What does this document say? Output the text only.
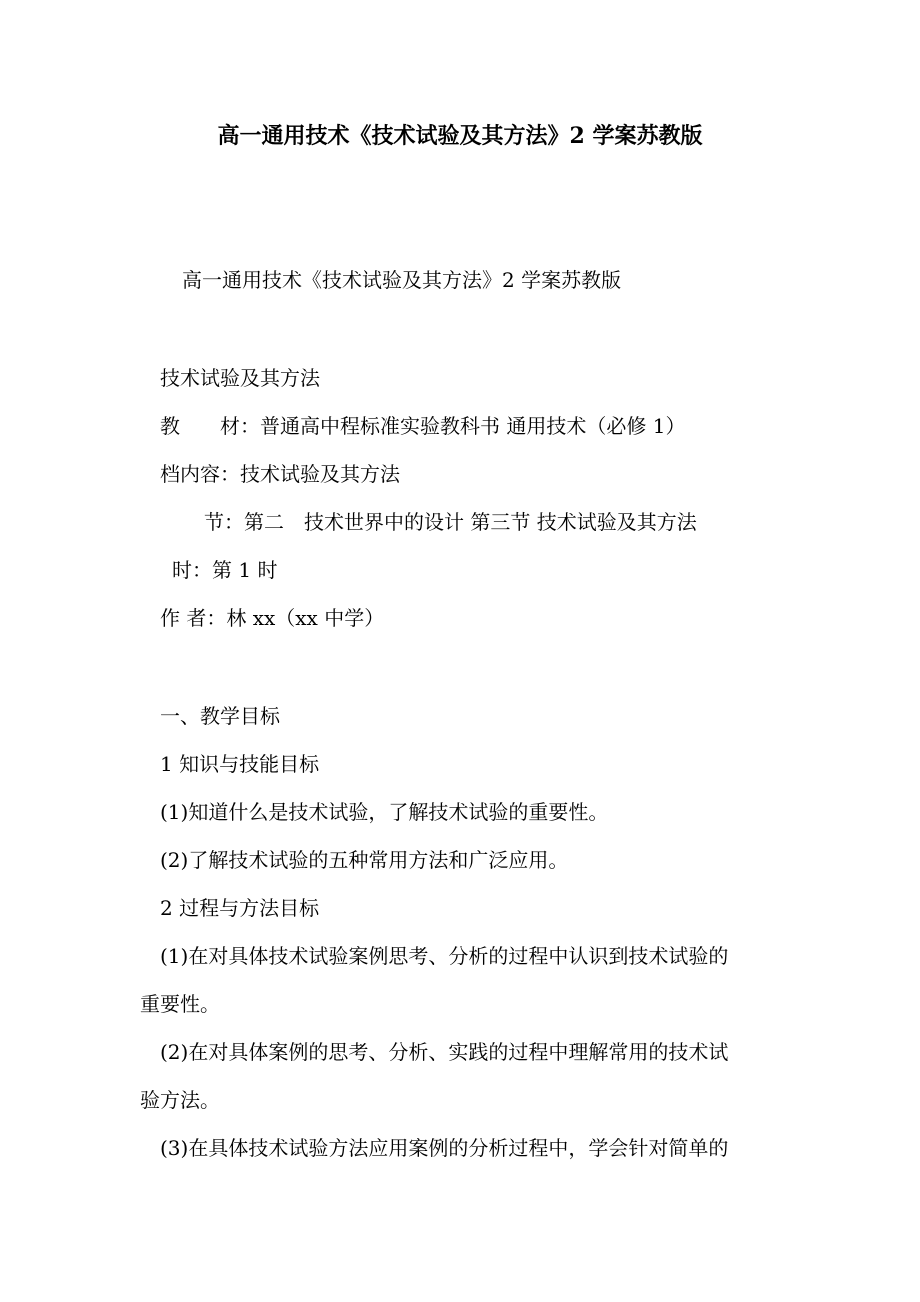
高一通用技术《技术试验及其方法》2 学案苏教版
高一通用技术《技术试验及其方法》2 学案苏教版
技术试验及其方法
教　　材：普通高中程标准实验教科书 通用技术（必修 1）
档内容：技术试验及其方法
节：第二　技术世界中的设计 第三节 技术试验及其方法
时：第 1 时
作 者：林 xx（xx 中学）
一、教学目标
1 知识与技能目标
(1)知道什么是技术试验，了解技术试验的重要性。
(2)了解技术试验的五种常用方法和广泛应用。
2 过程与方法目标
(1)在对具体技术试验案例思考、分析的过程中认识到技术试验的
重要性。
(2)在对具体案例的思考、分析、实践的过程中理解常用的技术试
验方法。
(3)在具体技术试验方法应用案例的分析过程中，学会针对简单的
